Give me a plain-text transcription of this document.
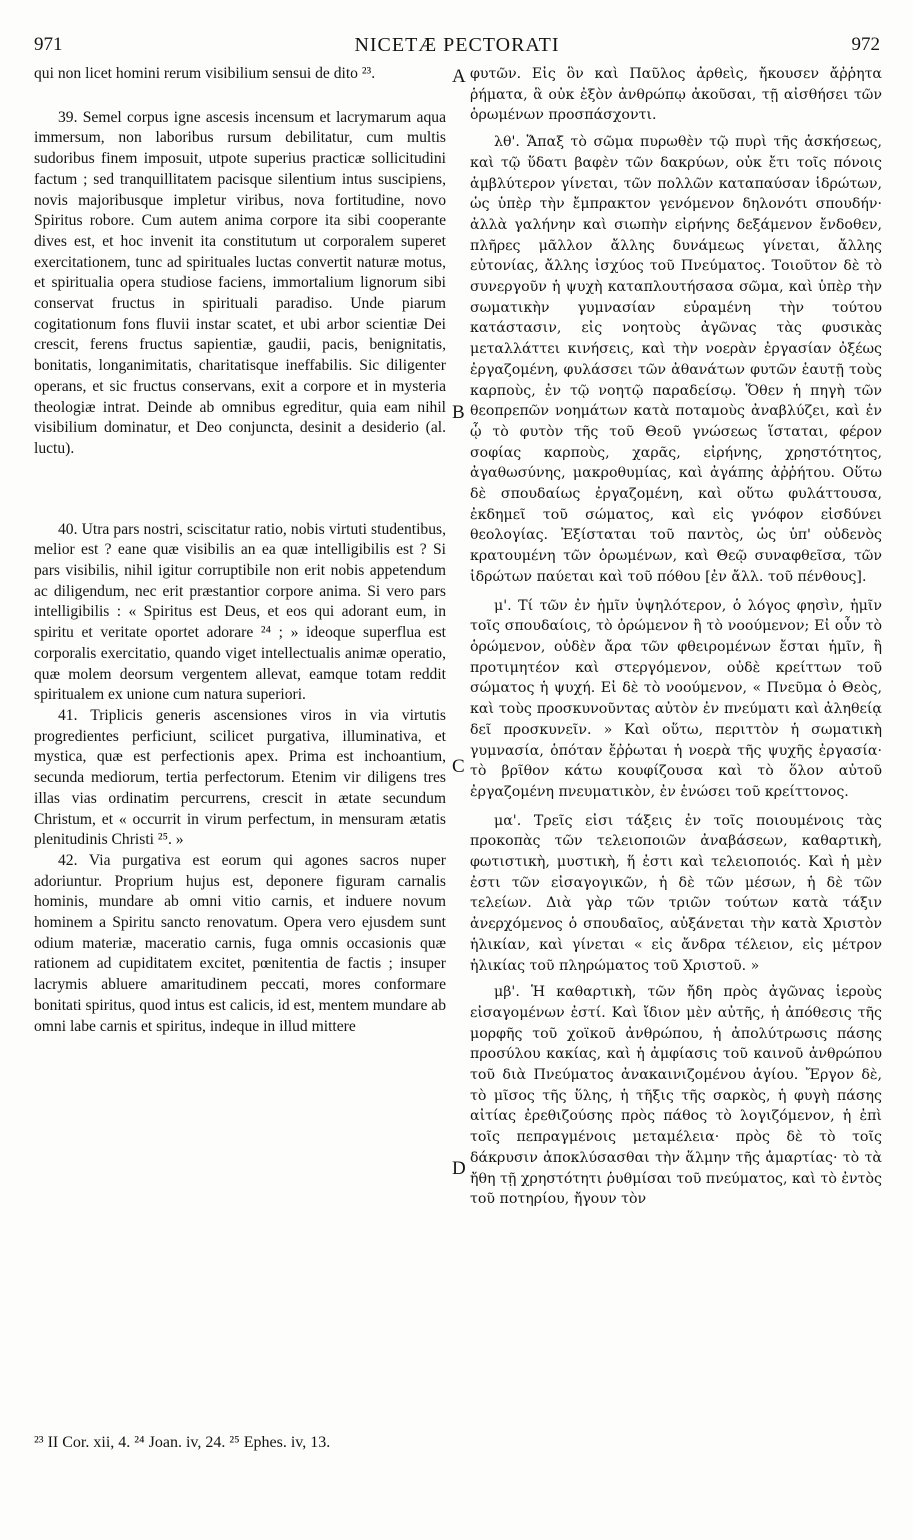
971	NICETÆ PECTORATI	972

qui non licet homini rerum visibilium sensui de dito ²³.

39. Semel corpus igne ascesis incensum et lacrymarum aqua immersum, non laboribus rursum debilitatur, cum multis sudoribus finem imposuit, utpote superius practicæ sollicitudini factum ; sed tranquillitatem pacisque silentium intus suscipiens, novis majoribusque impletur viribus, nova fortitudine, novo Spiritus robore. Cum autem anima corpore ita sibi cooperante dives est, et hoc invenit ita constitutum ut corporalem superet exercitationem, tunc ad spirituales luctas convertit naturæ motus, et spiritualia opera studiose faciens, immortalium lignorum sibi conservat fructus in spirituali paradiso. Unde piarum cogitationum fons fluvii instar scatet, et ubi arbor scientiæ Dei crescit, ferens fructus sapientiæ, gaudii, pacis, benignitatis, bonitatis, longanimitatis, charitatisque ineffabilis. Sic diligenter operans, et sic fructus conservans, exit a corpore et in mysteria theologiæ intrat. Deinde ab omnibus egreditur, quia eam nihil visibilium dominatur, et Deo conjuncta, desinit a desiderio (al. luctu).

40. Utra pars nostri, sciscitatur ratio, nobis virtuti studentibus, melior est ? eane quæ visibilis an ea quæ intelligibilis est ? Si pars visibilis, nihil igitur corruptibile non erit nobis appetendum ac diligendum, nec erit præstantior corpore anima. Si vero pars intelligibilis : « Spiritus est Deus, et eos qui adorant eum, in spiritu et veritate oportet adorare ²⁴ ; » ideoque superflua est corporalis exercitatio, quando viget intellectualis animæ operatio, quæ molem deorsum vergentem allevat, eamque totam reddit spiritualem ex unione cum natura superiori.

41. Triplicis generis ascensiones viros in via virtutis progredientes perficiunt, scilicet purgativa, illuminativa, et mystica, quæ est perfectionis apex. Prima est inchoantium, secunda mediorum, tertia perfectorum. Etenim vir diligens tres illas vias ordinatim percurrens, crescit in ætate secundum Christum, et « occurrit in virum perfectum, in mensuram ætatis plenitudinis Christi ²⁵. »

42. Via purgativa est eorum qui agones sacros nuper adoriuntur. Proprium hujus est, deponere figuram carnalis hominis, mundare ab omni vitio carnis, et induere novum hominem a Spiritu sancto renovatum. Opera vero ejusdem sunt odium materiæ, maceratio carnis, fuga omnis occasionis quæ rationem ad cupiditatem excitet, pœnitentia de factis ; insuper lacrymis abluere amaritudinem peccati, mores conformare bonitati spiritus, quod intus est calicis, id est, mentem mundare ab omni labe carnis et spiritus, indeque in illud mittere

A
B
C
D

φυτῶν. Εἰς ὃν καὶ Παῦλος ἀρθεὶς, ἤκουσεν ἄῤῥητα ῥήματα, ἃ οὐκ ἐξὸν ἀνθρώπῳ ἀκοῦσαι, τῇ αἰσθήσει τῶν ὁρωμένων προσπάσχοντι.

λθ'. Ἅπαξ τὸ σῶμα πυρωθὲν τῷ πυρὶ τῆς ἀσκήσεως, καὶ τῷ ὕδατι βαφὲν τῶν δακρύων, οὐκ ἔτι τοῖς πόνοις ἀμβλύτερον γίνεται, τῶν πολλῶν καταπαύσαν ἱδρώτων, ὡς ὑπὲρ τὴν ἔμπρακτον γενόμενον δηλονότι σπουδήν· ἀλλὰ γαλήνην καὶ σιωπὴν εἰρήνης δεξάμενον ἔνδοθεν, πλῆρες μᾶλλον ἄλλης δυνάμεως γίνεται, ἄλλης εὐτονίας, ἄλλης ἰσχύος τοῦ Πνεύματος. Τοιοῦτον δὲ τὸ συνεργοῦν ἡ ψυχὴ καταπλουτήσασα σῶμα, καὶ ὑπὲρ τὴν σωματικὴν γυμνασίαν εὑραμένη τὴν τούτου κατάστασιν, εἰς νοητοὺς ἀγῶνας τὰς φυσικὰς μεταλλάττει κινήσεις, καὶ τὴν νοερὰν ἐργασίαν ὀξέως ἐργαζομένη, φυλάσσει τῶν ἀθανάτων φυτῶν ἑαυτῇ τοὺς καρποὺς, ἐν τῷ νοητῷ παραδείσῳ. Ὅθεν ἡ πηγὴ τῶν θεοπρεπῶν νοημάτων κατὰ ποταμοὺς ἀναβλύζει, καὶ ἐν ᾧ τὸ φυτὸν τῆς τοῦ Θεοῦ γνώσεως ἵσταται, φέρον σοφίας καρποὺς, χαρᾶς, εἰρήνης, χρηστότητος, ἀγαθωσύνης, μακροθυμίας, καὶ ἀγάπης ἀῤῥήτου. Οὕτω δὲ σπουδαίως ἐργαζομένη, καὶ οὕτω φυλάττουσα, ἐκδημεῖ τοῦ σώματος, καὶ εἰς γνόφον εἰσδύνει θεολογίας. Ἐξίσταται τοῦ παντὸς, ὡς ὑπ' οὐδενὸς κρατουμένη τῶν ὁρωμένων, καὶ Θεῷ συναφθεῖσα, τῶν ἱδρώτων παύεται καὶ τοῦ πόθου [ἐν ἄλλ. τοῦ πένθους].

μ'. Τί τῶν ἐν ἡμῖν ὑψηλότερον, ὁ λόγος φησὶν, ἡμῖν τοῖς σπουδαίοις, τὸ ὁρώμενον ἢ τὸ νοούμενον; Εἰ οὖν τὸ ὁρώμενον, οὐδὲν ἄρα τῶν φθειρομένων ἔσται ἡμῖν, ἢ προτιμητέον καὶ στεργόμενον, οὐδὲ κρείττων τοῦ σώματος ἡ ψυχή. Εἰ δὲ τὸ νοούμενον, « Πνεῦμα ὁ Θεὸς, καὶ τοὺς προσκυνοῦντας αὐτὸν ἐν πνεύματι καὶ ἀληθείᾳ δεῖ προσκυνεῖν. » Καὶ οὕτω, περιττὸν ἡ σωματικὴ γυμνασία, ὁπόταν ἔῤῥωται ἡ νοερὰ τῆς ψυχῆς ἐργασία· τὸ βρῖθον κάτω κουφίζουσα καὶ τὸ ὅλον αὐτοῦ ἐργαζομένη πνευματικὸν, ἐν ἑνώσει τοῦ κρείττονος.

μα'. Τρεῖς εἰσι τάξεις ἐν τοῖς ποιουμένοις τὰς προκοπὰς τῶν τελειοποιῶν ἀναβάσεων, καθαρτικὴ, φωτιστικὴ, μυστικὴ, ἥ ἐστι καὶ τελειοποιός. Καὶ ἡ μὲν ἐστι τῶν εἰσαγογικῶν, ἡ δὲ τῶν μέσων, ἡ δὲ τῶν τελείων. Διὰ γὰρ τῶν τριῶν τούτων κατὰ τάξιν ἀνερχόμενος ὁ σπουδαῖος, αὐξάνεται τὴν κατὰ Χριστὸν ἡλικίαν, καὶ γίνεται « εἰς ἄνδρα τέλειον, εἰς μέτρον ἡλικίας τοῦ πληρώματος τοῦ Χριστοῦ. »

μβ'. Ἡ καθαρτικὴ, τῶν ἤδη πρὸς ἀγῶνας ἱεροὺς εἰσαγομένων ἐστί. Καὶ ἴδιον μὲν αὐτῆς, ἡ ἀπόθεσις τῆς μορφῆς τοῦ χοϊκοῦ ἀνθρώπου, ἡ ἀπολύτρωσις πάσης προσύλου κακίας, καὶ ἡ ἀμφίασις τοῦ καινοῦ ἀνθρώπου τοῦ διὰ Πνεύματος ἀνακαινιζομένου ἁγίου. Ἔργον δὲ, τὸ μῖσος τῆς ὕλης, ἡ τῆξις τῆς σαρκὸς, ἡ φυγὴ πάσης αἰτίας ἐρεθιζούσης πρὸς πάθος τὸ λογιζόμενον, ἡ ἐπὶ τοῖς πεπραγμένοις μεταμέλεια· πρὸς δὲ τὸ τοῖς δάκρυσιν ἀποκλύσασθαι τὴν ἅλμην τῆς ἁμαρτίας· τὸ τὰ ἤθη τῇ χρηστότητι ῥυθμίσαι τοῦ πνεύματος, καὶ τὸ ἐντὸς τοῦ ποτηρίου, ἤγουν τὸν

²³ II Cor. xii, 4. ²⁴ Joan. iv, 24. ²⁵ Ephes. iv, 13.
